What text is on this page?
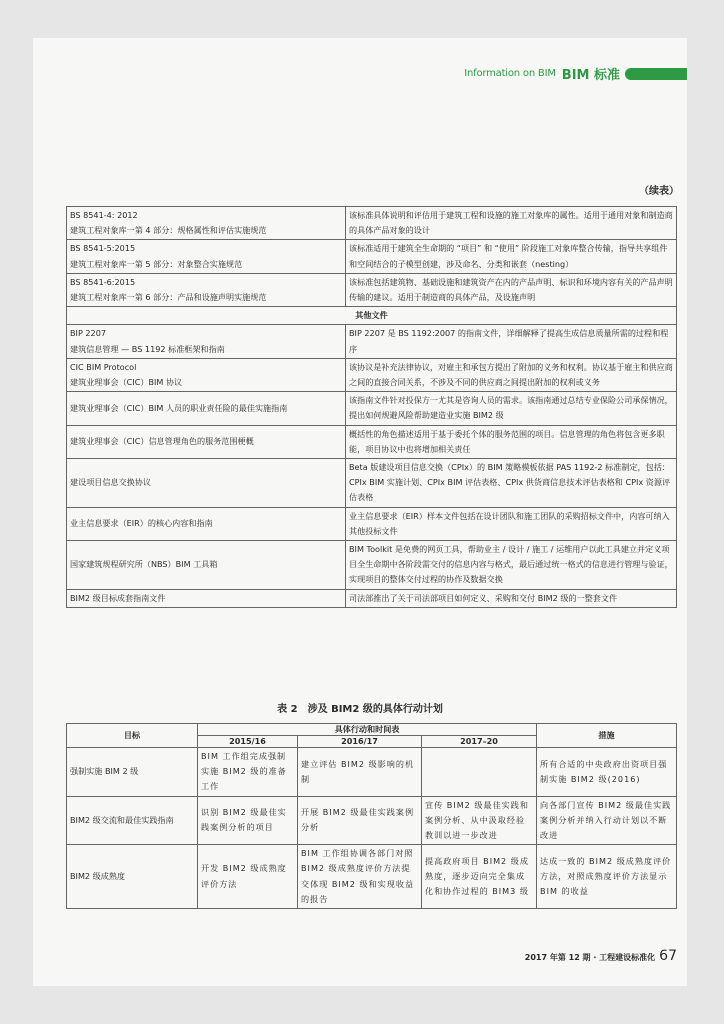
Information on BIM BIM 标准
（续表）
BS 8541-4: 2012
建筑工程对象库一第 4 部分：规格属性和评估实施规范	该标准具体说明和评估用于建筑工程和设施的施工对象库的属性。适用于通用对象和制造商的具体产品对象的设计
BS 8541-5:2015
建筑工程对象库一第 5 部分：对象整合实施规范	该标准适用于建筑全生命期的 “项目” 和 “使用” 阶段施工对象库整合传输，指导共享组件和空间结合的子模型创建，涉及命名、分类和嵌套（nesting）
BS 8541-6:2015
建筑工程对象库一第 6 部分：产品和设施声明实施规范	该标准包括建筑物、基础设施和建筑资产在内的产品声明、标识和环境内容有关的产品声明传输的建议。适用于制造商的具体产品，及设施声明
其他文件	
BIP 2207
建筑信息管理 — BS 1192 标准框架和指南	BIP 2207 是 BS 1192:2007 的指南文件，详细解释了提高生成信息质量所需的过程和程序
CIC BIM Protocol
建筑业理事会（CIC）BIM 协议	该协议是补充法律协议，对雇主和承包方提出了附加的义务和权利。协议基于雇主和供应商之间的直接合同关系，不涉及不同的供应商之间提出附加的权利或义务
建筑业理事会（CIC）BIM 人员的职业责任险的最佳实施指南	该指南文件针对投保方一尤其是咨询人员的需求。该指南通过总结专业保险公司承保情况，提出如何规避风险帮助建造业实施 BIM2 级
建筑业理事会（CIC）信息管理角色的服务范围梗概	概括性的角色描述适用于基于委托个体的服务范围的项目。信息管理的角色将包含更多职能，项目协议中也将增加相关责任
建设项目信息交换协议	Beta 版建设项目信息交换（CPIx）的 BIM 策略模板依据 PAS 1192-2 标准制定，包括：CPIx BIM 实施计划、CPIx BIM 评估表格、CPIx 供货商信息技术评估表格和 CPIx 资源评估表格
业主信息要求（EIR）的核心内容和指南	业主信息要求（EIR）样本文件包括在设计团队和施工团队的采购招标文件中，内容可纳入其他投标文件
国家建筑规程研究所（NBS）BIM 工具箱	BIM Toolkit 是免费的网页工具，帮助业主 / 设计 / 施工 / 运维用户以此工具建立并定义项目全生命期中各阶段需交付的信息内容与格式，最后通过统一格式的信息进行管理与验证，实现项目的整体交付过程的协作及数据交换
BIM2 级目标成套指南文件	司法部推出了关于司法部项目如何定义、采购和交付 BIM2 级的一整套文件
表 2　涉及 BIM2 级的具体行动计划
目标	具体行动和时间表			措施
	2015/16	2016/17	2017–20	
强制实施 BIM 2 级	BIM 工作组完成强制实施 BIM2 级的准备工作	建立评估 BIM2 级影响的机制		所有合适的中央政府出资项目强制实施 BIM2 级(2016)
BIM2 级交流和最佳实践指南	识别 BIM2 级最佳实践案例分析的项目	开展 BIM2 级最佳实践案例分析	宣传 BIM2 级最佳实践和案例分析、从中汲取经验教训以进一步改进	向各部门宣传 BIM2 级最佳实践案例分析并纳入行动计划以不断改进
BIM2 级成熟度	开发 BIM2 级成熟度评价方法	BIM 工作组协调各部门对照 BIM2 级成熟度评价方法提交体现 BIM2 级和实现收益的报告	提高政府项目 BIM2 级成熟度，逐步迈向完全集成化和协作过程的 BIM3 级	达成一致的 BIM2 级成熟度评价方法，对照成熟度评价方法显示 BIM 的收益
2017 年第 12 期 · 工程建设标准化 67
